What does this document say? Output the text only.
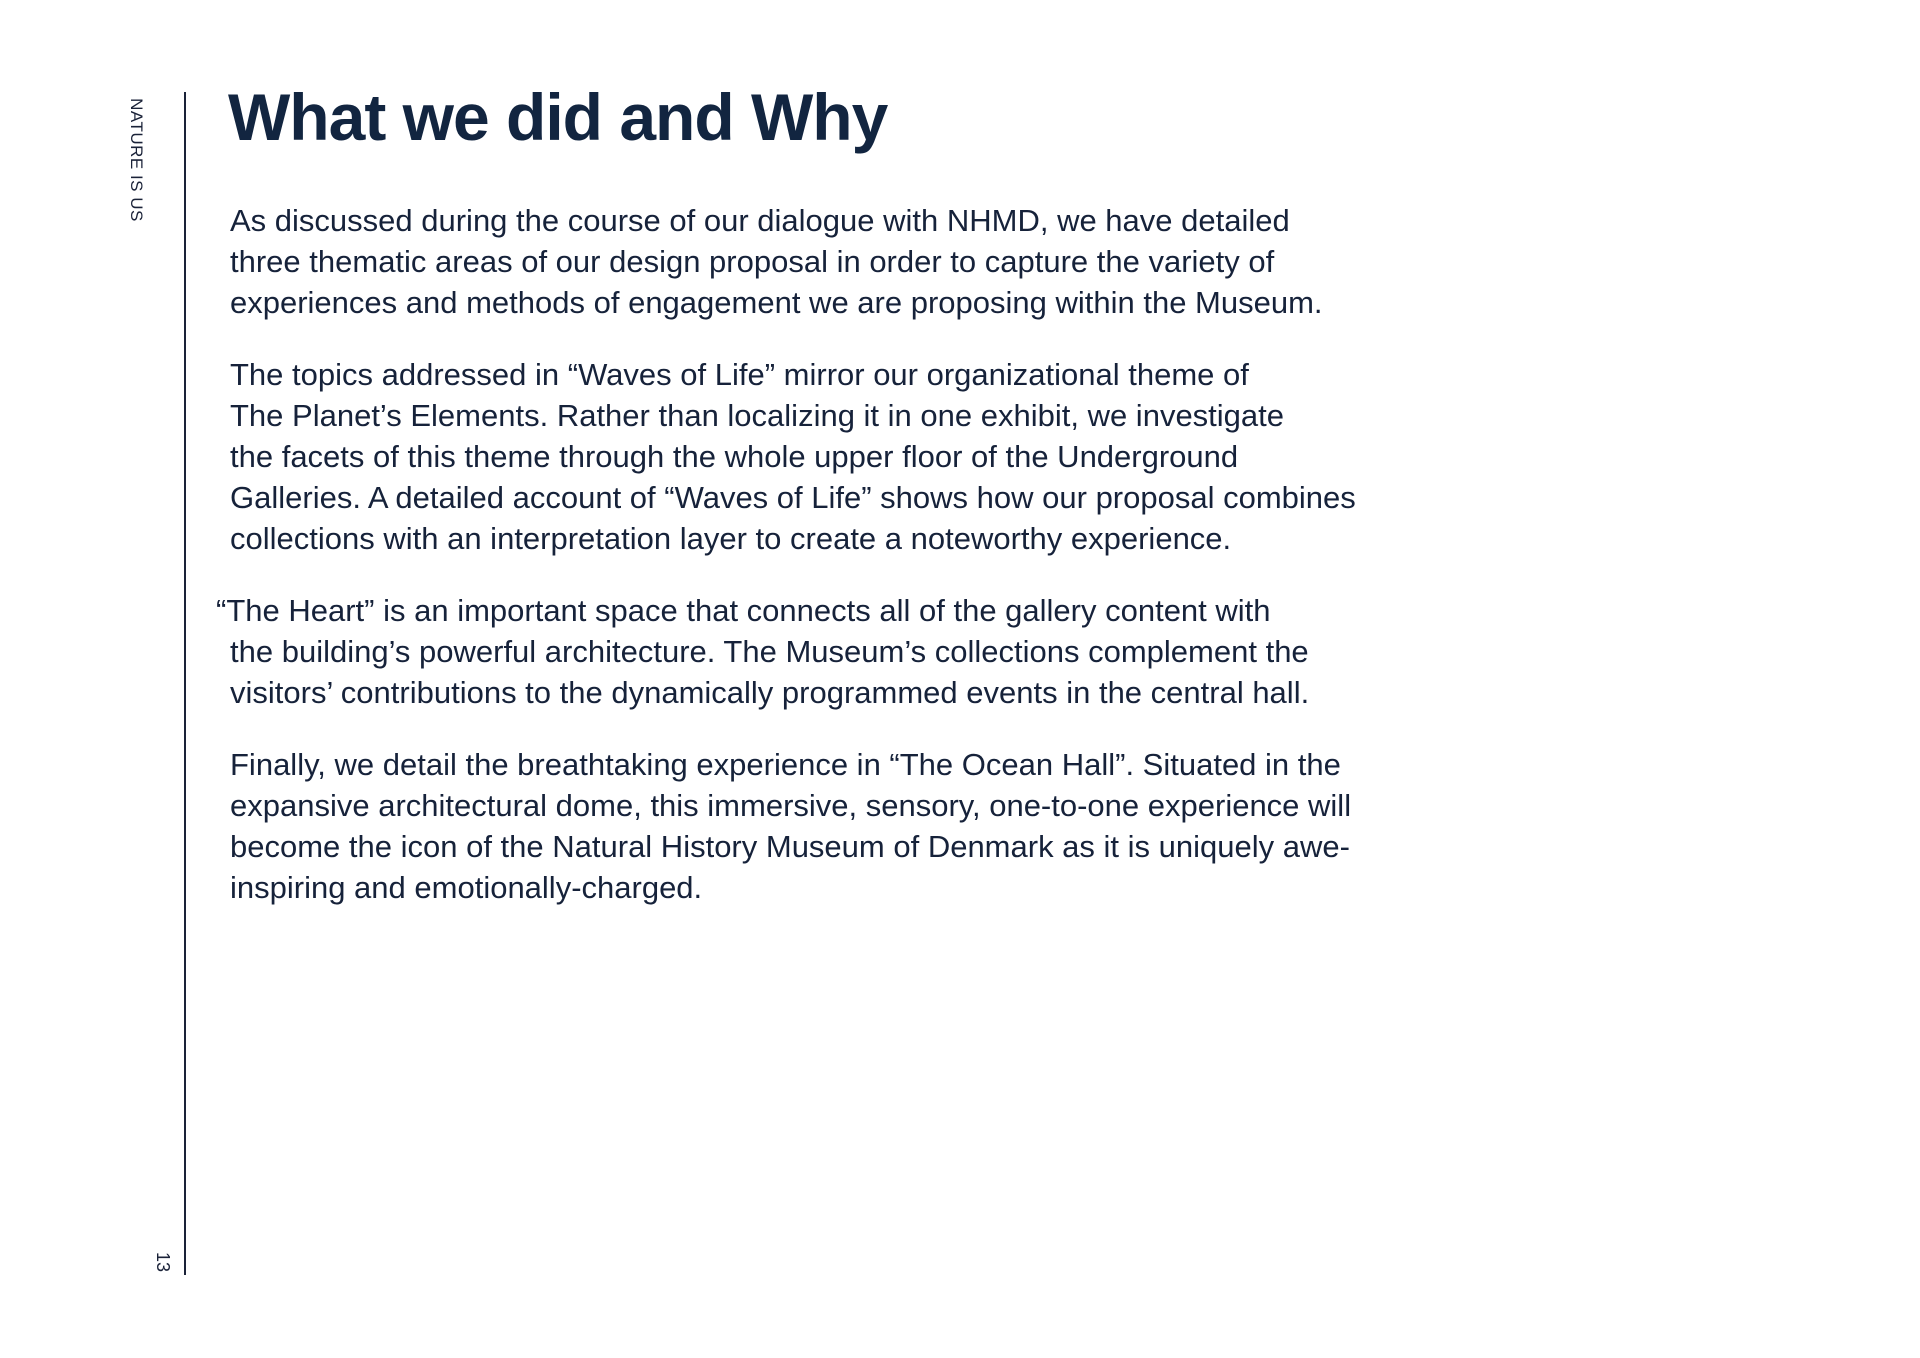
NATURE IS US
13
What we did and Why

As discussed during the course of our dialogue with NHMD, we have detailed
three thematic areas of our design proposal in order to capture the variety of
experiences and methods of engagement we are proposing within the Museum.

The topics addressed in “Waves of Life” mirror our organizational theme of
The Planet’s Elements. Rather than localizing it in one exhibit, we investigate
the facets of this theme through the whole upper floor of the Underground
Galleries. A detailed account of “Waves of Life” shows how our proposal combines
collections with an interpretation layer to create a noteworthy experience.

“The Heart” is an important space that connects all of the gallery content with
the building’s powerful architecture. The Museum’s collections complement the
visitors’ contributions to the dynamically programmed events in the central hall.

Finally, we detail the breathtaking experience in “The Ocean Hall”. Situated in the
expansive architectural dome, this immersive, sensory, one-to-one experience will
become the icon of the Natural History Museum of Denmark as it is uniquely awe-
inspiring and emotionally-charged.
